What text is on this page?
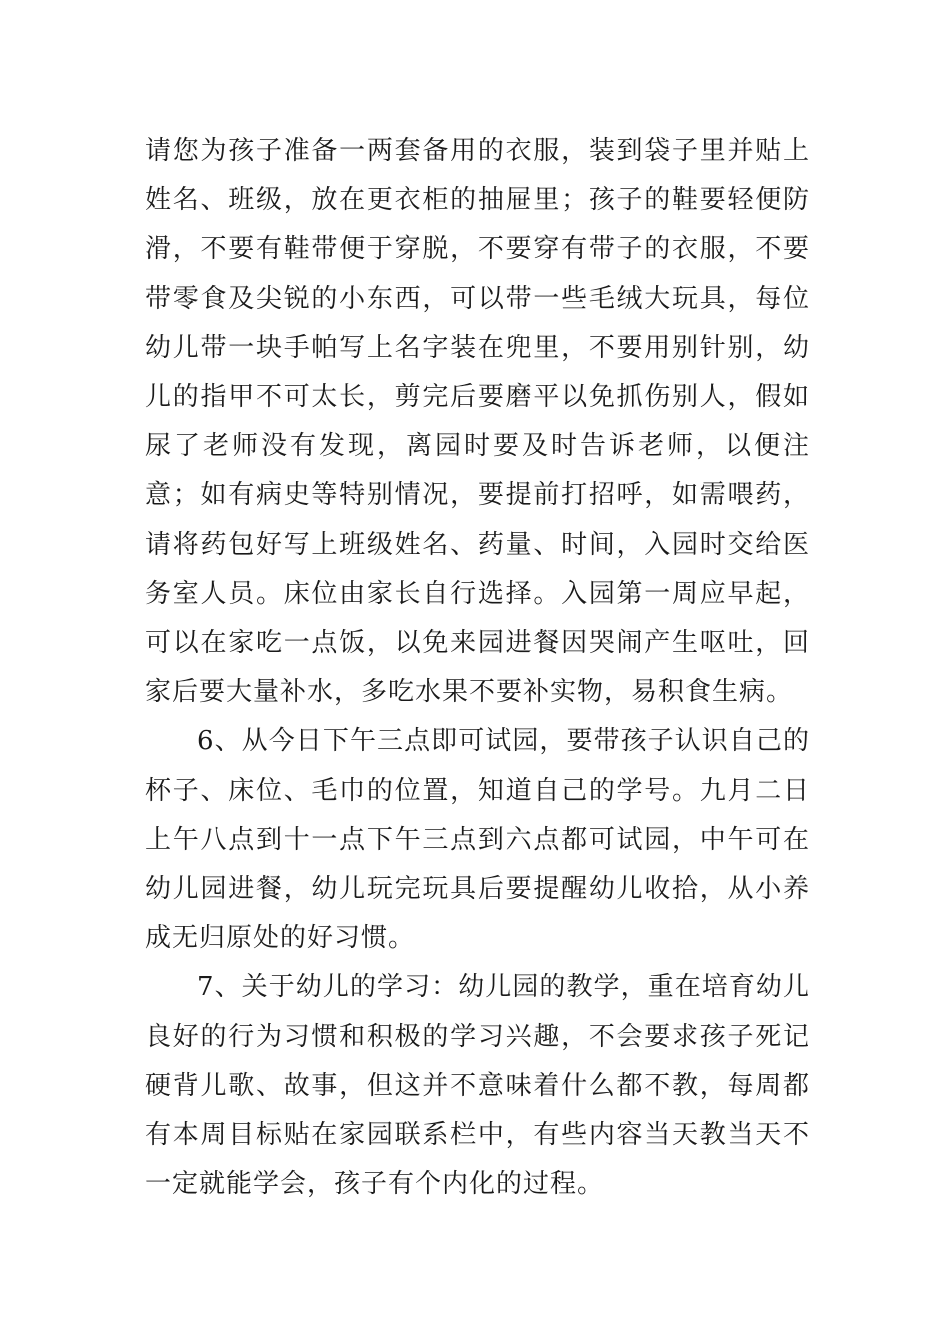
请您为孩子准备一两套备用的衣服，装到袋子里并贴上姓名、班级，放在更衣柜的抽屉里；孩子的鞋要轻便防滑，不要有鞋带便于穿脱，不要穿有带子的衣服，不要带零食及尖锐的小东西，可以带一些毛绒大玩具，每位幼儿带一块手帕写上名字装在兜里，不要用别针别，幼儿的指甲不可太长，剪完后要磨平以免抓伤别人，假如尿了老师没有发现，离园时要及时告诉老师，以便注意；如有病史等特别情况，要提前打招呼，如需喂药，请将药包好写上班级姓名、药量、时间，入园时交给医务室人员。床位由家长自行选择。入园第一周应早起，可以在家吃一点饭，以免来园进餐因哭闹产生呕吐，回家后要大量补水，多吃水果不要补实物，易积食生病。

6、从今日下午三点即可试园，要带孩子认识自己的杯子、床位、毛巾的位置，知道自己的学号。九月二日上午八点到十一点下午三点到六点都可试园，中午可在幼儿园进餐，幼儿玩完玩具后要提醒幼儿收拾，从小养成无归原处的好习惯。

7、关于幼儿的学习：幼儿园的教学，重在培育幼儿良好的行为习惯和积极的学习兴趣，不会要求孩子死记硬背儿歌、故事，但这并不意味着什么都不教，每周都有本周目标贴在家园联系栏中，有些内容当天教当天不一定就能学会，孩子有个内化的过程。
